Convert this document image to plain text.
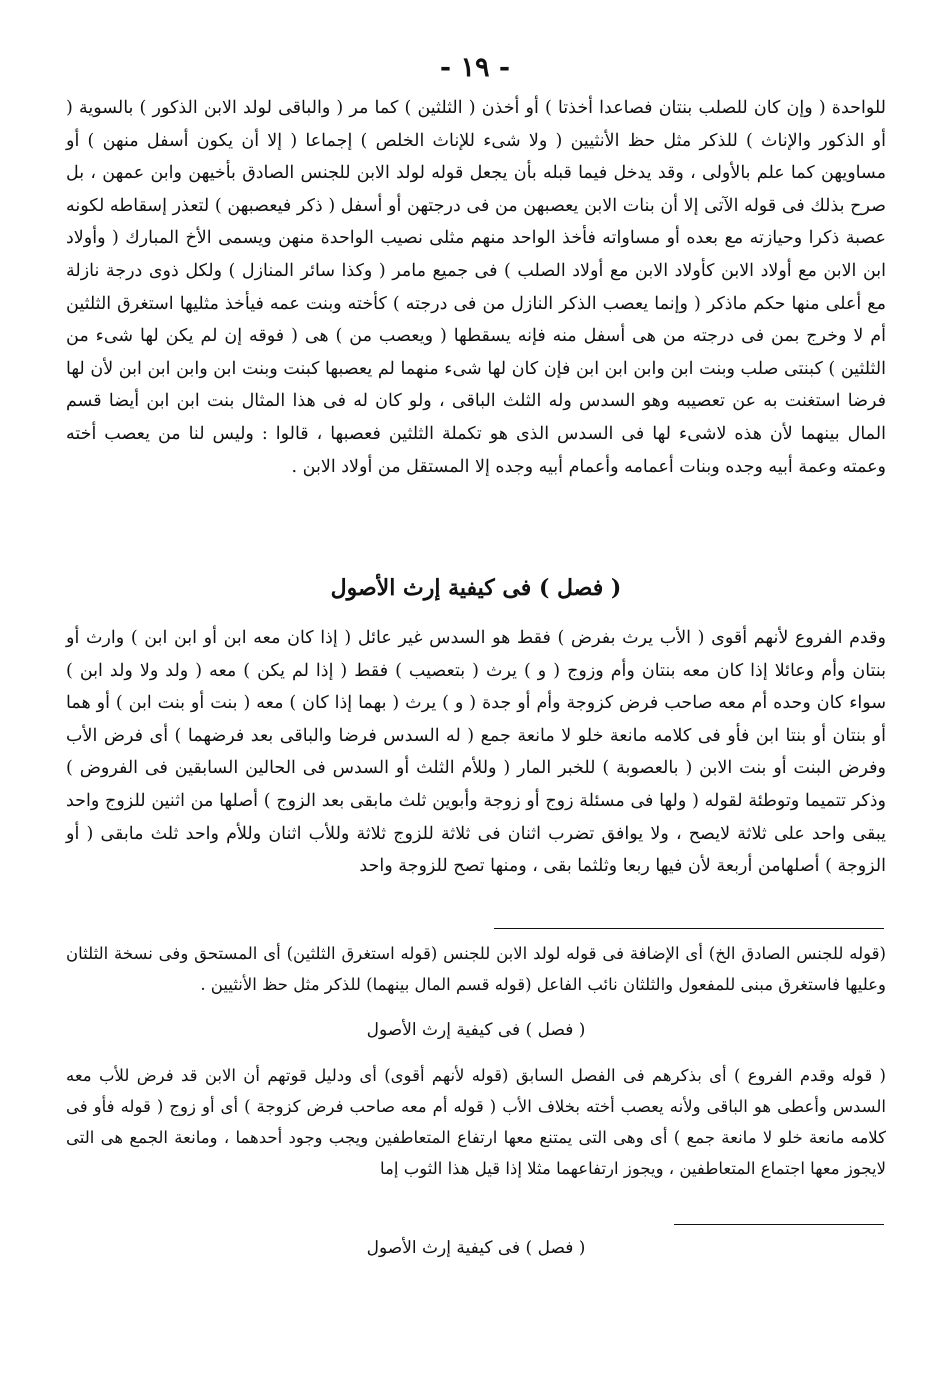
- ١٩ -

للواحدة ( وإن كان للصلب بنتان فصاعدا أخذتا ) أو أخذن ( الثلثين ) كما مر ( والباقى لولد الابن الذكور ) بالسوية ( أو الذكور والإناث ) للذكر مثل حظ الأنثيين ( ولا شىء للإناث الخلص ) إجماعا ( إلا أن يكون أسفل منهن ) أو مساويهن كما علم بالأولى ، وقد يدخل فيما قبله بأن يجعل قوله لولد الابن للجنس الصادق بأخيهن وابن عمهن ، بل صرح بذلك فى قوله الآتى إلا أن بنات الابن يعصبهن من فى درجتهن أو أسفل ( ذكر فيعصبهن ) لتعذر إسقاطه لكونه عصبة ذكرا وحيازته مع بعده أو مساواته فأخذ الواحد منهم مثلى نصيب الواحدة منهن ويسمى الأخ المبارك ( وأولاد ابن الابن مع أولاد الابن كأولاد الابن مع أولاد الصلب ) فى جميع مامر ( وكذا سائر المنازل ) ولكل ذوى درجة نازلة مع أعلى منها حكم ماذكر ( وإنما يعصب الذكر النازل من فى درجته ) كأخته وبنت عمه فيأخذ مثليها استغرق الثلثين أم لا وخرج بمن فى درجته من هى أسفل منه فإنه يسقطها ( ويعصب من ) هى ( فوقه إن لم يكن لها شىء من الثلثين ) كبنتى صلب وبنت ابن وابن ابن ابن فإن كان لها شىء منهما لم يعصبها كبنت وبنت ابن وابن ابن ابن لأن لها فرضا استغنت به عن تعصيبه وهو السدس وله الثلث الباقى ، ولو كان له فى هذا المثال بنت ابن ابن أيضا قسم المال بينهما لأن هذه لاشىء لها فى السدس الذى هو تكملة الثلثين فعصبها ، قالوا : وليس لنا من يعصب أخته وعمته وعمة أبيه وجده وبنات أعمامه وأعمام أبيه وجده إلا المستقل من أولاد الابن .

( فصل ) فى كيفية إرث الأصول

وقدم الفروع لأنهم أقوى ( الأب يرث بفرض ) فقط هو السدس غير عائل ( إذا كان معه ابن أو ابن ابن ) وارث أو بنتان وأم وعائلا إذا كان معه بنتان وأم وزوج ( و ) يرث ( بتعصيب ) فقط ( إذا لم يكن ) معه ( ولد ولا ولد ابن ) سواء كان وحده أم معه صاحب فرض كزوجة وأم أو جدة ( و ) يرث ( بهما إذا كان ) معه ( بنت أو بنت ابن ) أو هما أو بنتان أو بنتا ابن فأو فى كلامه مانعة خلو لا مانعة جمع ( له السدس فرضا والباقى بعد فرضهما ) أى فرض الأب وفرض البنت أو بنت الابن ( بالعصوبة ) للخبر المار ( وللأم الثلث أو السدس فى الحالين السابقين فى الفروض ) وذكر تتميما وتوطئة لقوله ( ولها فى مسئلة زوج أو زوجة وأبوين ثلث مابقى بعد الزوج ) أصلها من اثنين للزوج واحد يبقى واحد على ثلاثة لايصح ، ولا يوافق تضرب اثنان فى ثلاثة للزوج ثلاثة وللأب اثنان وللأم واحد ثلث مابقى ( أو الزوجة ) أصلهامن أربعة لأن فيها ربعا وثلثما بقى ، ومنها تصح للزوجة واحد

(قوله للجنس الصادق الخ) أى الإضافة فى قوله لولد الابن للجنس (قوله استغرق الثلثين) أى المستحق وفى نسخة الثلثان وعليها فاستغرق مبنى للمفعول والثلثان نائب الفاعل (قوله قسم المال بينهما) للذكر مثل حظ الأنثيين .

( فصل ) فى كيفية إرث الأصول

( قوله وقدم الفروع ) أى بذكرهم فى الفصل السابق (قوله لأنهم أقوى) أى ودليل قوتهم أن الابن قد فرض للأب معه السدس وأعطى هو الباقى ولأنه يعصب أخته بخلاف الأب ( قوله أم معه صاحب فرض كزوجة ) أى أو زوج ( قوله فأو فى كلامه مانعة خلو لا مانعة جمع ) أى وهى التى يمتنع معها ارتفاع المتعاطفين ويجب وجود أحدهما ، ومانعة الجمع هى التى لايجوز معها اجتماع المتعاطفين ، ويجوز ارتفاعهما مثلا إذا قيل هذا الثوب إما

( فصل ) فى كيفية إرث الأصول
